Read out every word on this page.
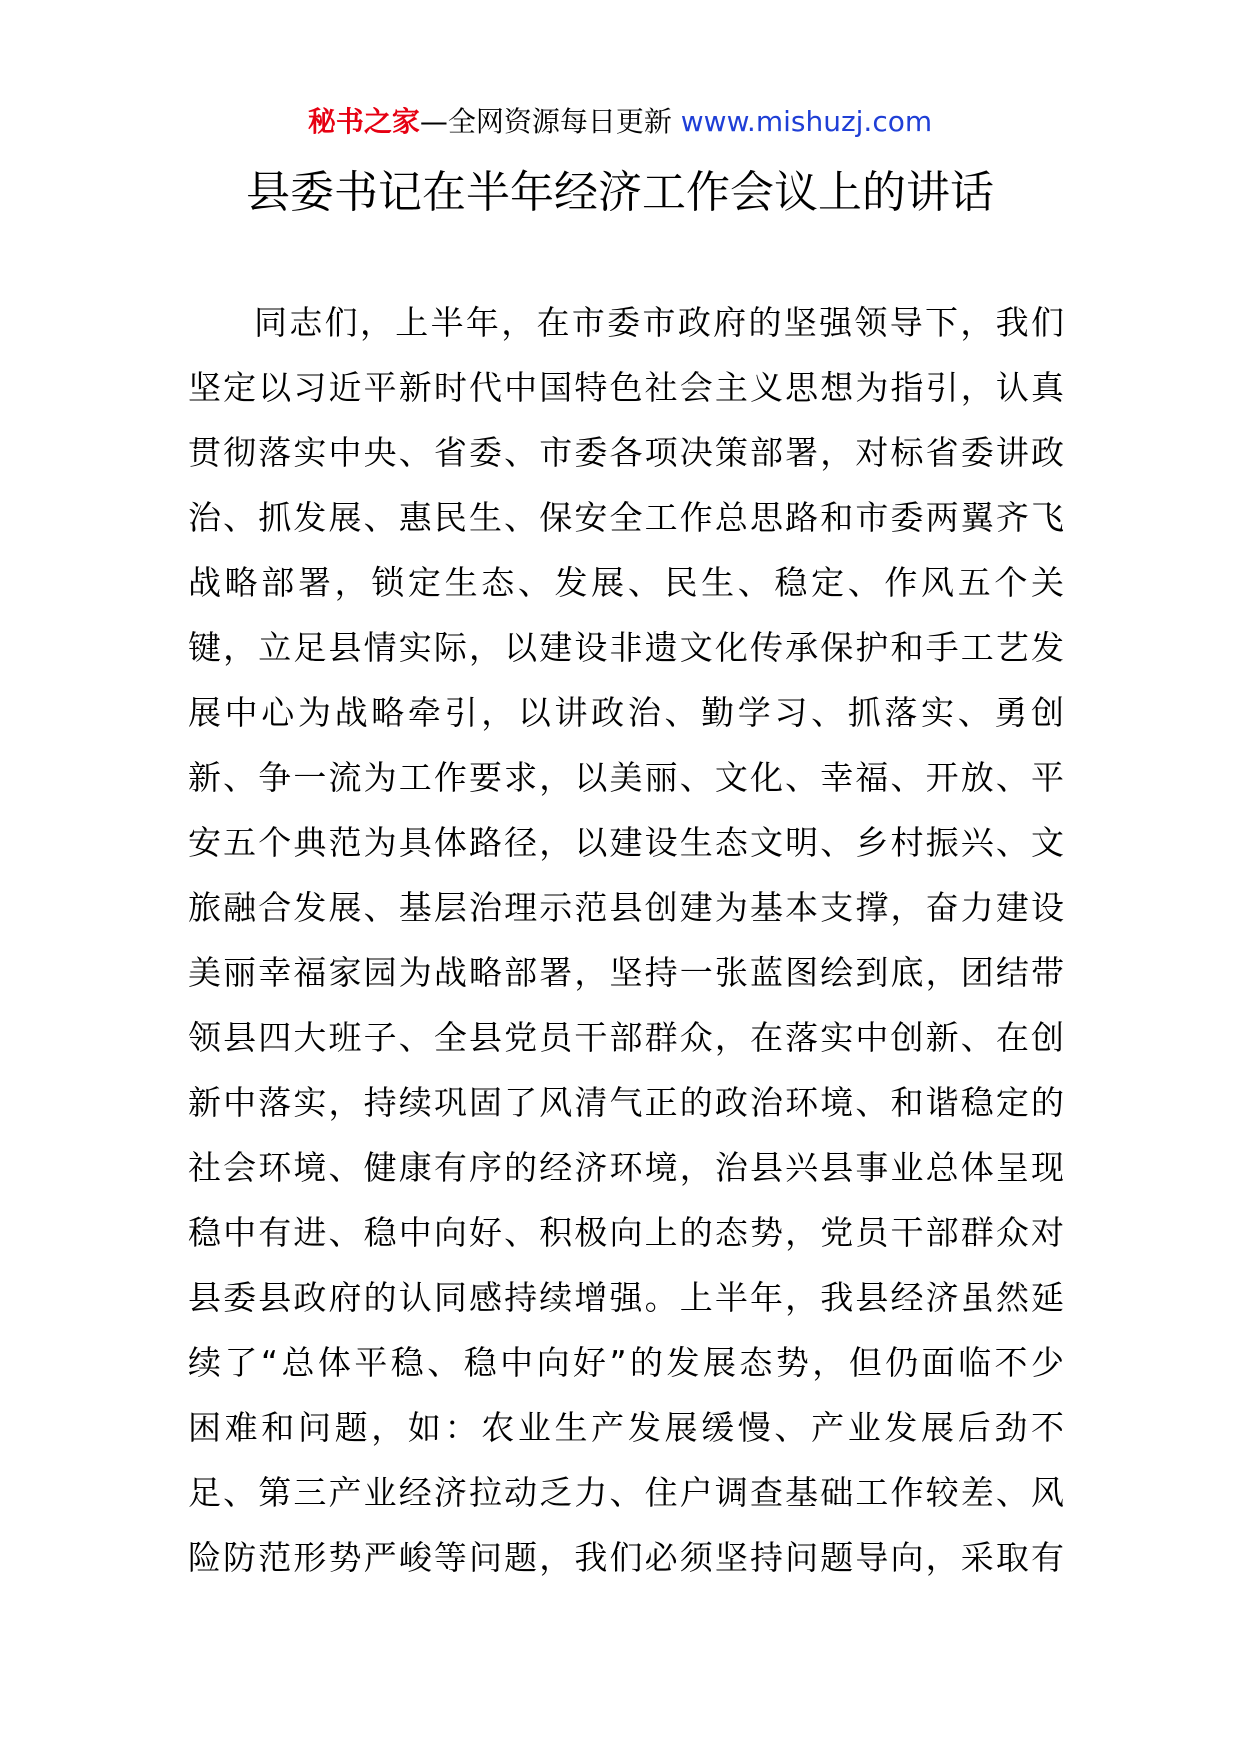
秘书之家—全网资源每日更新 www.mishuzj.com
县委书记在半年经济工作会议上的讲话
同志们，上半年，在市委市政府的坚强领导下，我们
坚定以习近平新时代中国特色社会主义思想为指引，认真
贯彻落实中央、省委、市委各项决策部署，对标省委讲政
治、抓发展、惠民生、保安全工作总思路和市委两翼齐飞
战略部署，锁定生态、发展、民生、稳定、作风五个关
键，立足县情实际，以建设非遗文化传承保护和手工艺发
展中心为战略牵引，以讲政治、勤学习、抓落实、勇创
新、争一流为工作要求，以美丽、文化、幸福、开放、平
安五个典范为具体路径，以建设生态文明、乡村振兴、文
旅融合发展、基层治理示范县创建为基本支撑，奋力建设
美丽幸福家园为战略部署，坚持一张蓝图绘到底，团结带
领县四大班子、全县党员干部群众，在落实中创新、在创
新中落实，持续巩固了风清气正的政治环境、和谐稳定的
社会环境、健康有序的经济环境，治县兴县事业总体呈现
稳中有进、稳中向好、积极向上的态势，党员干部群众对
县委县政府的认同感持续增强。上半年，我县经济虽然延
续了“总体平稳、稳中向好”的发展态势，但仍面临不少
困难和问题，如：农业生产发展缓慢、产业发展后劲不
足、第三产业经济拉动乏力、住户调查基础工作较差、风
险防范形势严峻等问题，我们必须坚持问题导向，采取有
